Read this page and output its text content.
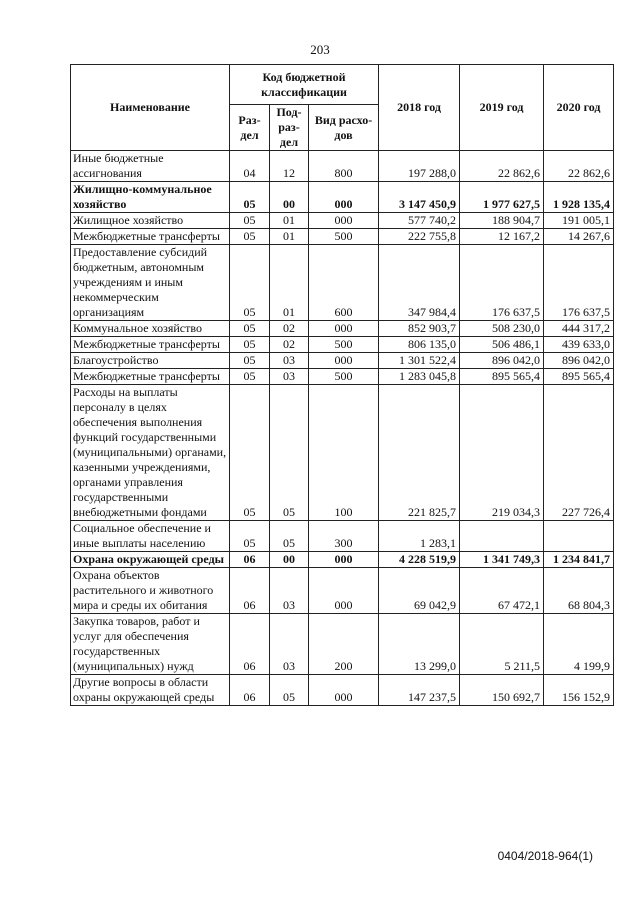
203
Наименование	Код бюджетной классификации			2018 год	2019 год	2020 год
	Раз-дел	Под-раз-дел	Вид расхо-дов			
Иные бюджетные ассигнования	04	12	800	197 288,0	22 862,6	22 862,6
Жилищно-коммунальное хозяйство	05	00	000	3 147 450,9	1 977 627,5	1 928 135,4
Жилищное хозяйство	05	01	000	577 740,2	188 904,7	191 005,1
Межбюджетные трансферты	05	01	500	222 755,8	12 167,2	14 267,6
Предоставление субсидий бюджетным, автономным учреждениям и иным некоммерческим организациям	05	01	600	347 984,4	176 637,5	176 637,5
Коммунальное хозяйство	05	02	000	852 903,7	508 230,0	444 317,2
Межбюджетные трансферты	05	02	500	806 135,0	506 486,1	439 633,0
Благоустройство	05	03	000	1 301 522,4	896 042,0	896 042,0
Межбюджетные трансферты	05	03	500	1 283 045,8	895 565,4	895 565,4
Расходы на выплаты персоналу в целях обеспечения выполнения функций государственными (муниципальными) органами, казенными учреждениями, органами управления государственными внебюджетными фондами	05	05	100	221 825,7	219 034,3	227 726,4
Социальное обеспечение и иные выплаты населению	05	05	300	1 283,1		
Охрана окружающей среды	06	00	000	4 228 519,9	1 341 749,3	1 234 841,7
Охрана объектов растительного и животного мира и среды их обитания	06	03	000	69 042,9	67 472,1	68 804,3
Закупка товаров, работ и услуг для обеспечения государственных (муниципальных) нужд	06	03	200	13 299,0	5 211,5	4 199,9
Другие вопросы в области охраны окружающей среды	06	05	000	147 237,5	150 692,7	156 152,9
0404/2018-964(1)
